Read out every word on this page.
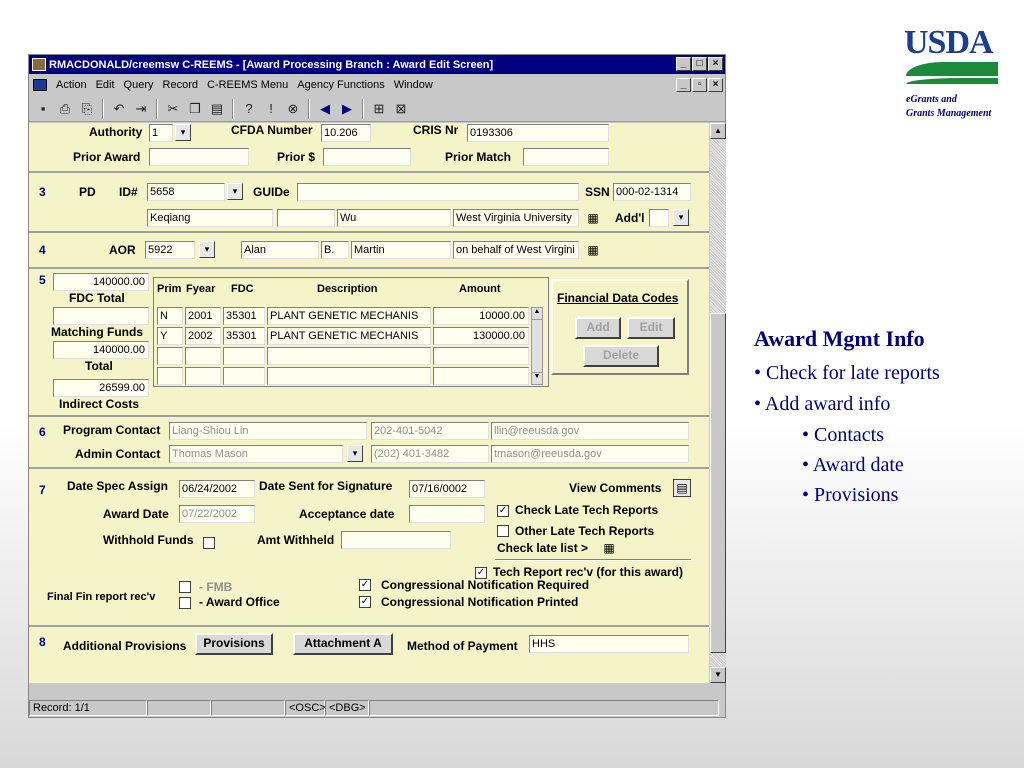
RMACDONALD/creemsw C-REEMS - [Award Processing Branch : Award Edit Screen]	_	□	×
Action Edit Query Record C-REEMS Menu Agency Functions Window	_	▫	×
▪	⎙ ⎘	↶ ⇥	✂ ❐ ▤	?	!	⊗	◀ ▶	⊞ ⊠
Authority 1	▾	CFDA Number 10.206	CRIS Nr 0193306
Prior Award	Prior $	Prior Match
3	PD ID# 5658	▾	GUIDe	SSN 000-02-1314
Keqiang	Wu	West Virginia University	▦ Add'l	▾
4	AOR 5922	▾	Alan	B.	Martin	on behalf of West Virgini	▦
5	140000.00
FDC Total
Matching Funds
140000.00
Total
26599.00
Indirect Costs
Prim Fyear FDC	Description	Amount
N	2001	35301	PLANT GENETIC MECHANIS	10000.00
Y	2002	35301	PLANT GENETIC MECHANIS	130000.00
▲
▼
Financial Data Codes
Add	Edit
Delete
6 Program Contact Liang-Shiou Lin	202-401-5042	llin@reeusda.gov
Admin Contact Thomas Mason	▾	(202) 401-3482	tmason@reeusda.gov
7 Date Spec Assign 06/24/2002	Date Sent for Signature 07/16/0002	View Comments ▤
Award Date 07/22/2002	Acceptance date	✓ Check Late Tech Reports
Other Late Tech Reports
Check late list > ▦
Withhold Funds	Amt Withheld
✓ Tech Report rec'v (for this award)
Final Fin report rec'v
- FMB
- Award Office
✓ Congressional Notification Required
✓ Congressional Notification Printed
8 Additional Provisions	Provisions	Attachment A	Method of Payment HHS
▲
▼
Record: 1/1	<OSC> <DBG>
USDA
eGrants and
Grants Management
Award Mgmt Info
• Check for late reports
• Add award info
• Contacts
• Award date
• Provisions
